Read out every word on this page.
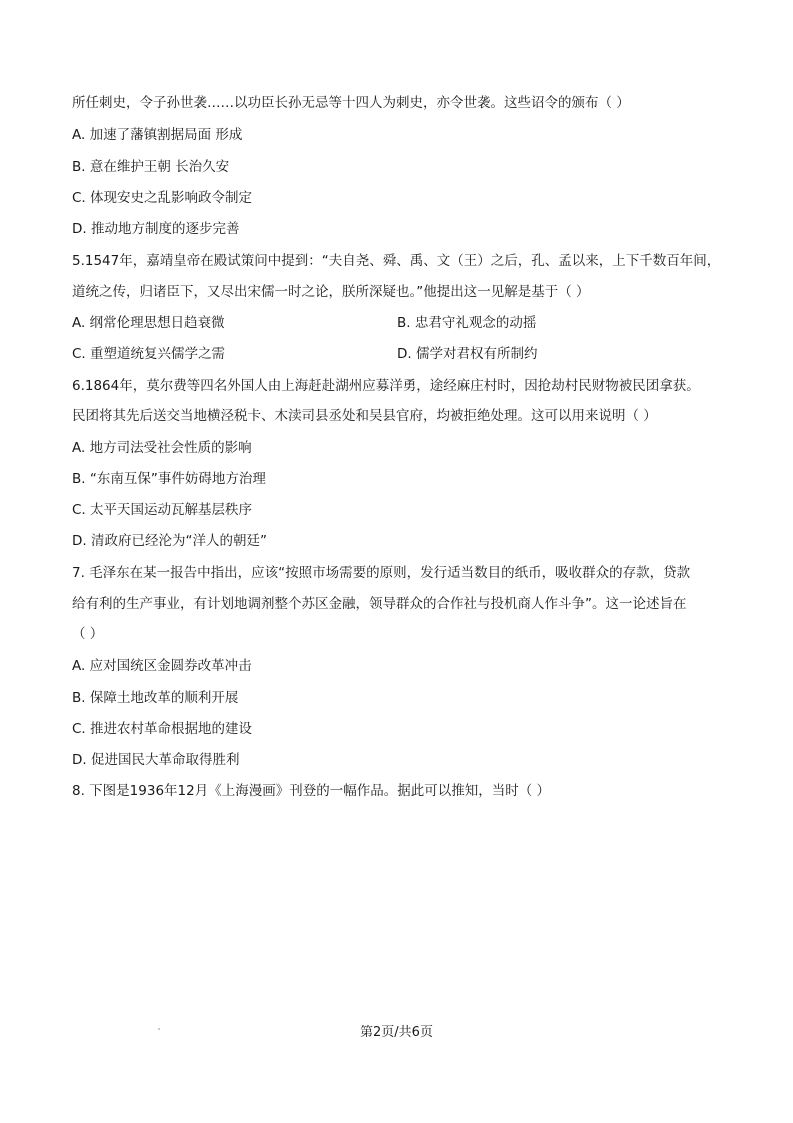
所任刺史，令子孙世袭……以功臣长孙无忌等十四人为刺史，亦令世袭。这些诏令的颁布（ ）
A. 加速了藩镇割据局面 形成
B. 意在维护王朝 长治久安
C. 体现安史之乱影响政令制定
D. 推动地方制度的逐步完善
5.1547年，嘉靖皇帝在殿试策问中提到：“夫自尧、舜、禹、文（王）之后，孔、孟以来，上下千数百年间，
道统之传，归诸臣下，又尽出宋儒一时之论，朕所深疑也。”他提出这一见解是基于（ ）
A. 纲常伦理思想日趋衰微	B. 忠君守礼观念的动摇
C. 重塑道统复兴儒学之需	D. 儒学对君权有所制约
6.1864年，莫尔费等四名外国人由上海赶赴湖州应募洋勇，途经麻庄村时，因抢劫村民财物被民团拿获。
民团将其先后送交当地横泾税卡、木渎司县丞处和吴县官府，均被拒绝处理。这可以用来说明（ ）
A. 地方司法受社会性质的影响
B. “东南互保”事件妨碍地方治理
C. 太平天国运动瓦解基层秩序
D. 清政府已经沦为“洋人的朝廷”
7. 毛泽东在某一报告中指出，应该“按照市场需要的原则，发行适当数目的纸币，吸收群众的存款，贷款
给有利的生产事业，有计划地调剂整个苏区金融，领导群众的合作社与投机商人作斗争”。这一论述旨在
（ ）
A. 应对国统区金圆券改革冲击
B. 保障土地改革的顺利开展
C. 推进农村革命根据地的建设
D. 促进国民大革命取得胜利
8. 下图是1936年12月《上海漫画》刊登的一幅作品。据此可以推知，当时（ ）
第2页/共6页
